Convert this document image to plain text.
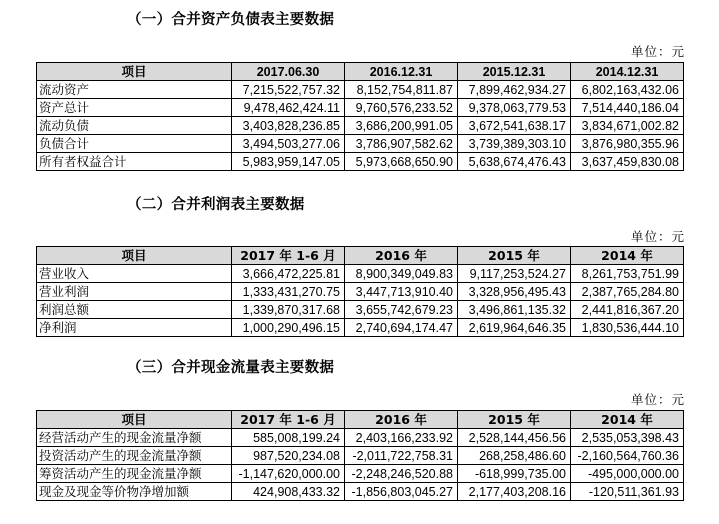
（一）合并资产负债表主要数据
单位：元
项目	2017.06.30	2016.12.31	2015.12.31	2014.12.31
流动资产	7,215,522,757.32	8,152,754,811.87	7,899,462,934.27	6,802,163,432.06
资产总计	9,478,462,424.11	9,760,576,233.52	9,378,063,779.53	7,514,440,186.04
流动负债	3,403,828,236.85	3,686,200,991.05	3,672,541,638.17	3,834,671,002.82
负债合计	3,494,503,277.06	3,786,907,582.62	3,739,389,303.10	3,876,980,355.96
所有者权益合计	5,983,959,147.05	5,973,668,650.90	5,638,674,476.43	3,637,459,830.08
（二）合并利润表主要数据
单位：元
项目	2017 年 1-6 月	2016 年	2015 年	2014 年
营业收入	3,666,472,225.81	8,900,349,049.83	9,117,253,524.27	8,261,753,751.99
营业利润	1,333,431,270.75	3,447,713,910.40	3,328,956,495.43	2,387,765,284.80
利润总额	1,339,870,317.68	3,655,742,679.23	3,496,861,135.32	2,441,816,367.20
净利润	1,000,290,496.15	2,740,694,174.47	2,619,964,646.35	1,830,536,444.10
（三）合并现金流量表主要数据
单位：元
项目	2017 年 1-6 月	2016 年	2015 年	2014 年
经营活动产生的现金流量净额	585,008,199.24	2,403,166,233.92	2,528,144,456.56	2,535,053,398.43
投资活动产生的现金流量净额	987,520,234.08	-2,011,722,758.31	268,258,486.60	-2,160,564,760.36
筹资活动产生的现金流量净额	-1,147,620,000.00	-2,248,246,520.88	-618,999,735.00	-495,000,000.00
现金及现金等价物净增加额	424,908,433.32	-1,856,803,045.27	2,177,403,208.16	-120,511,361.93
